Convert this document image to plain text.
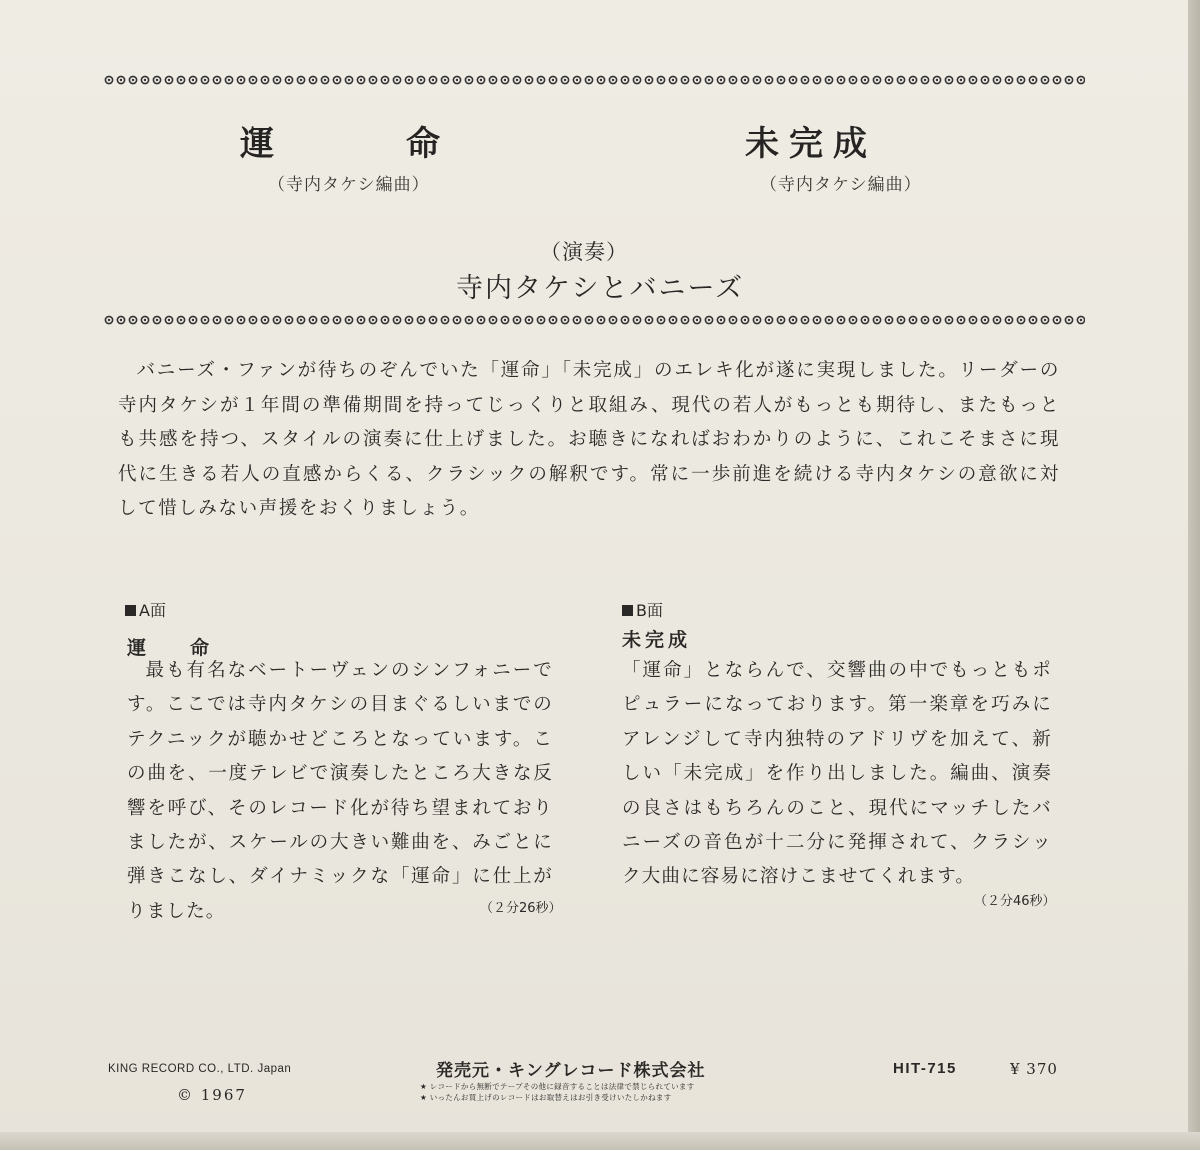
運	命	未完成
（寺内タケシ編曲）	（寺内タケシ編曲）
（演奏）
寺内タケシとバニーズ

バニーズ・ファンが待ちのぞんでいた「運命」「未完成」のエレキ化が遂に実現しました。リーダーの寺内タケシが１年間の準備期間を持ってじっくりと取組み、現代の若人がもっとも期待し、またもっとも共感を持つ、スタイルの演奏に仕上げました。お聴きになればおわかりのように、これこそまさに現代に生きる若人の直感からくる、クラシックの解釈です。常に一歩前進を続ける寺内タケシの意欲に対して惜しみない声援をおくりましょう。

A面
運 命

最も有名なベートーヴェンのシンフォニーです。ここでは寺内タケシの目まぐるしいまでのテクニックが聴かせどころとなっています。この曲を、一度テレビで演奏したところ大きな反響を呼び、そのレコード化が待ち望まれておりましたが、スケールの大きい難曲を、みごとに弾きこなし、ダイナミックな「運命」に仕上がりました。	（２分26秒）
B面
未完成

「運命」とならんで、交響曲の中でもっともポピュラーになっております。第一楽章を巧みにアレンジして寺内独特のアドリヴを加えて、新しい「未完成」を作り出しました。編曲、演奏の良さはもちろんのこと、現代にマッチしたバニーズの音色が十二分に発揮されて、クラシック大曲に容易に溶けこませてくれます。

（２分46秒）
KING RECORD CO., LTD. Japan
© 1967
発売元・キングレコード株式会社
★ レコードから無断でテープその他に録音することは法律で禁じられています
★ いったんお買上げのレコードはお取替えはお引き受けいたしかねます
HIT-715	¥ 370
